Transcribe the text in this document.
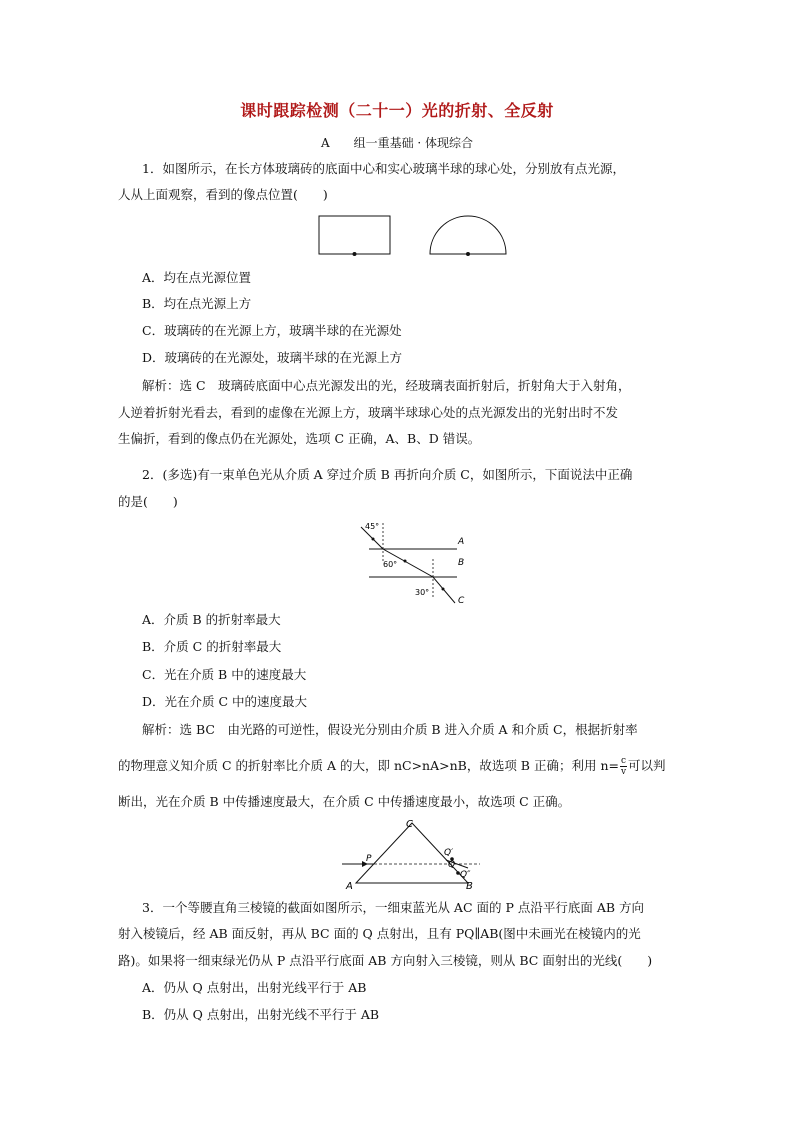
课时跟踪检测（二十一）光的折射、全反射
A　　组一重基础 · 体现综合
1．如图所示，在长方体玻璃砖的底面中心和实心玻璃半球的球心处，分别放有点光源，
人从上面观察，看到的像点位置(　　)
A．均在点光源位置
B．均在点光源上方
C．玻璃砖的在光源上方，玻璃半球的在光源处
D．玻璃砖的在光源处，玻璃半球的在光源上方
解析：选 C　玻璃砖底面中心点光源发出的光，经玻璃表面折射后，折射角大于入射角，
人逆着折射光看去，看到的虚像在光源上方，玻璃半球球心处的点光源发出的光射出时不发
生偏折，看到的像点仍在光源处，选项 C 正确，A、B、D 错误。
2．(多选)有一束单色光从介质 A 穿过介质 B 再折向介质 C，如图所示，下面说法中正确
的是(　　)
45°
60°
30°
A
B
C
A．介质 B 的折射率最大
B．介质 C 的折射率最大
C．光在介质 B 中的速度最大
D．光在介质 C 中的速度最大
解析：选 BC　由光路的可逆性，假设光分别由介质 B 进入介质 A 和介质 C，根据折射率
的物理意义知介质 C 的折射率比介质 A 的大，即 nC>nA>nB，故选项 B 正确；利用 $n= \frac{c}{v}$ 可以判
断出，光在介质 B 中传播速度最大，在介质 C 中传播速度最小，故选项 C 正确。
C
P
Q
Q′
Q″
A	B
3．一个等腰直角三棱镜的截面如图所示，一细束蓝光从 AC 面的 P 点沿平行底面 AB 方向
射入棱镜后，经 AB 面反射，再从 BC 面的 Q 点射出，且有 PQ∥AB(图中未画光在棱镜内的光
路)。如果将一细束绿光仍从 P 点沿平行底面 AB 方向射入三棱镜，则从 BC 面射出的光线(　　)
A．仍从 Q 点射出，出射光线平行于 AB
B．仍从 Q 点射出，出射光线不平行于 AB
